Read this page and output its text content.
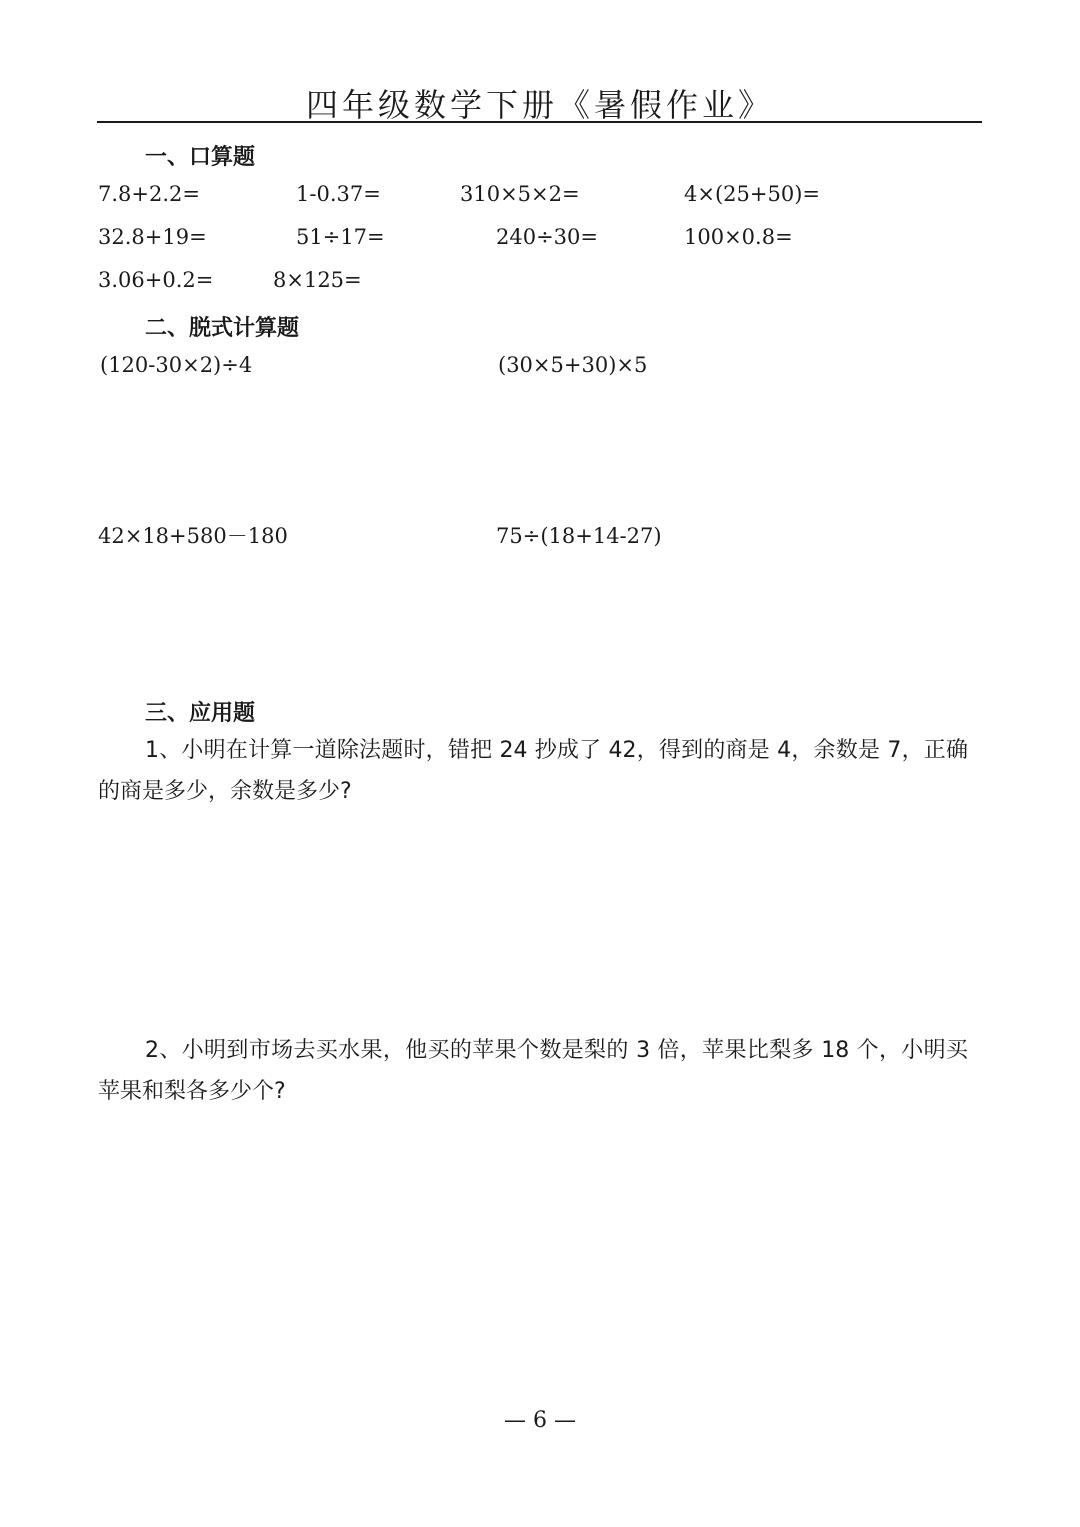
四年级数学下册《暑假作业》
一、口算题
7.8+2.2=	1-0.37=	310×5×2=	4×(25+50)=
32.8+19=	51÷17=	240÷30=	100×0.8=
3.06+0.2=	8×125=
二、脱式计算题
(120-30×2)÷4	(30×5+30)×5
42×18+580－180	75÷(18+14-27)
三、应用题
1、小明在计算一道除法题时，错把 24 抄成了 42，得到的商是 4，余数是 7，正确的商是多少，余数是多少?
2、小明到市场去买水果，他买的苹果个数是梨的 3 倍，苹果比梨多 18 个，小明买苹果和梨各多少个?
— 6 —
